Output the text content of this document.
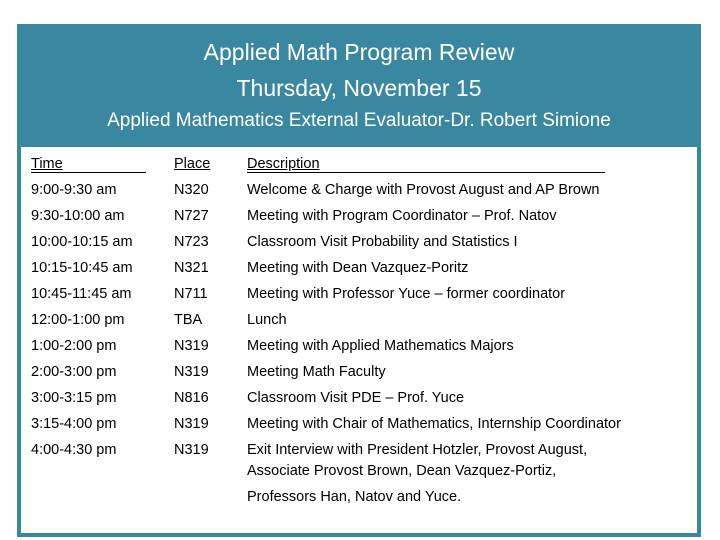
Applied Math Program Review
Thursday, November 15
Applied Mathematics External Evaluator-Dr. Robert Simione
Time	Place	Description
9:00-9:30 am	N320	Welcome & Charge with Provost August and AP Brown
9:30-10:00 am	N727	Meeting with Program Coordinator – Prof. Natov
10:00-10:15 am	N723	Classroom Visit Probability and Statistics I
10:15-10:45 am	N321	Meeting with Dean Vazquez-Poritz
10:45-11:45 am	N711	Meeting with Professor Yuce – former coordinator
12:00-1:00 pm	TBA	Lunch
1:00-2:00 pm	N319	Meeting with Applied Mathematics Majors
2:00-3:00 pm	N319	Meeting Math Faculty
3:00-3:15 pm	N816	Classroom Visit PDE – Prof. Yuce
3:15-4:00 pm	N319	Meeting with Chair of Mathematics, Internship Coordinator
4:00-4:30 pm	N319	Exit Interview with President Hotzler, Provost August,
Associate Provost Brown, Dean Vazquez-Portiz,
Professors Han, Natov and Yuce.
